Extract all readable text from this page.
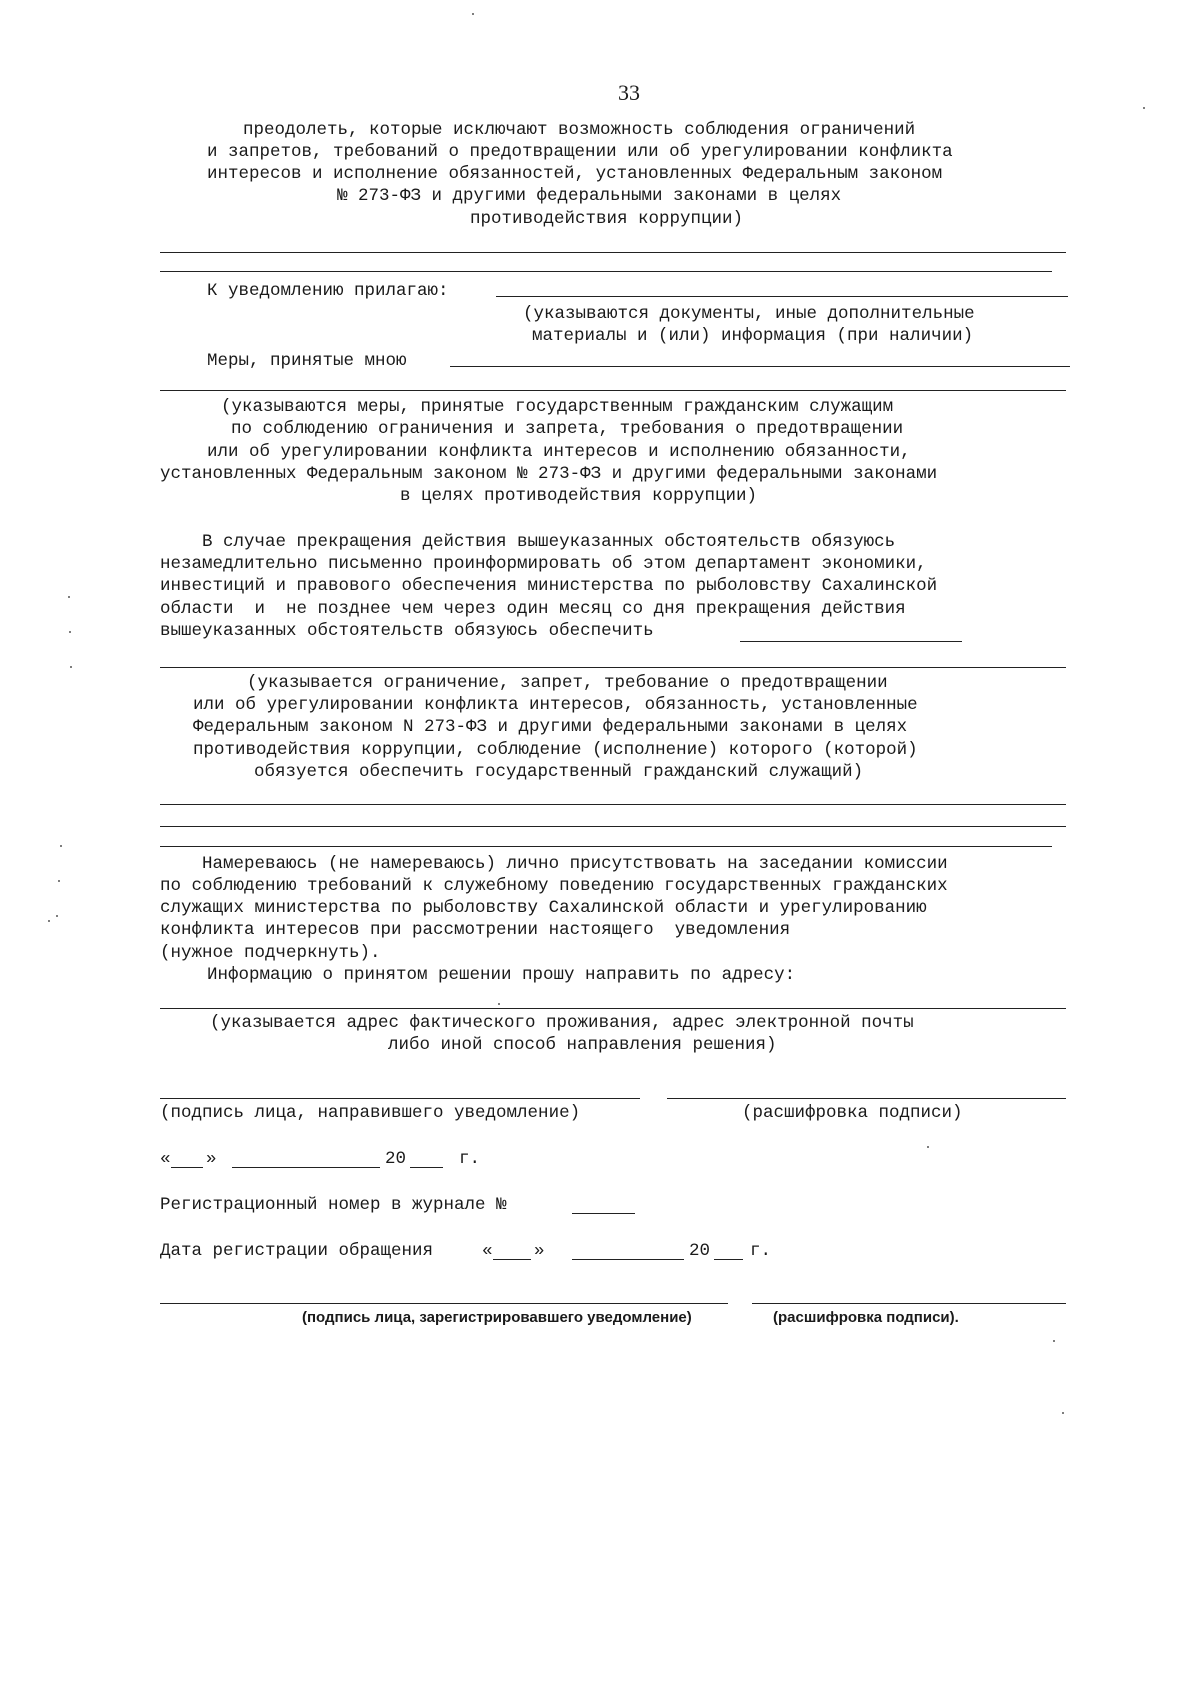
33
преодолеть, которые исключают возможность соблюдения ограничений
и запретов, требований о предотвращении или об урегулировании конфликта
интересов и исполнение обязанностей, установленных Федеральным законом
№ 273-ФЗ и другими федеральными законами в целях
противодействия коррупции)
К уведомлению прилагаю:
(указываются документы, иные дополнительные
материалы и (или) информация (при наличии)
Меры, принятые мною
(указываются меры, принятые государственным гражданским служащим
по соблюдению ограничения и запрета, требования о предотвращении
или об урегулировании конфликта интересов и исполнению обязанности,
установленных Федеральным законом № 273-ФЗ и другими федеральными законами
в целях противодействия коррупции)
В случае прекращения действия вышеуказанных обстоятельств обязуюсь
незамедлительно письменно проинформировать об этом департамент экономики,
инвестиций и правового обеспечения министерства по рыболовству Сахалинской
области  и  не позднее чем через один месяц со дня прекращения действия
вышеуказанных обстоятельств обязуюсь обеспечить
(указывается ограничение, запрет, требование о предотвращении
или об урегулировании конфликта интересов, обязанность, установленные
Федеральным законом N 273-ФЗ и другими федеральными законами в целях
противодействия коррупции, соблюдение (исполнение) которого (которой)
обязуется обеспечить государственный гражданский служащий)
Намереваюсь (не намереваюсь) лично присутствовать на заседании комиссии
по соблюдению требований к служебному поведению государственных гражданских
служащих министерства по рыболовству Сахалинской области и урегулированию
конфликта интересов при рассмотрении настоящего  уведомления
(нужное подчеркнуть).
Информацию о принятом решении прошу направить по адресу:
(указывается адрес фактического проживания, адрес электронной почты
либо иной способ направления решения)
(подпись лица, направившего уведомление)	(расшифровка подписи)
« »	20	г.
Регистрационный номер в журнале №
Дата регистрации обращения	« »	20 г.
(подпись лица, зарегистрировавшего уведомление)	(расшифровка подписи).
